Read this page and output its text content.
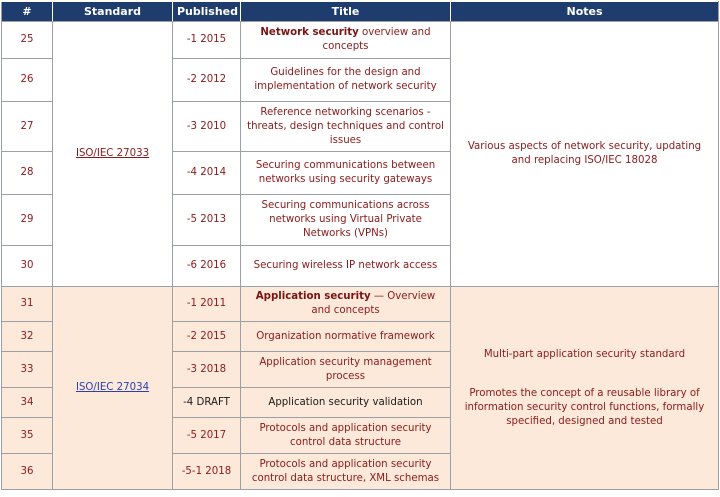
#	Standard	Published	Title	Notes
25	ISO/IEC 27033	-1 2015	Network security overview and concepts	Various aspects of network security, updating and replacing ISO/IEC 18028
26		-2 2012	Guidelines for the design and implementation of network security	
27		-3 2010	Reference networking scenarios - threats, design techniques and control issues	
28		-4 2014	Securing communications between networks using security gateways	
29		-5 2013	Securing communications across networks using Virtual Private Networks (VPNs)	
30		-6 2016	Securing wireless IP network access	
31	ISO/IEC 27034	-1 2011	Application security — Overview and concepts	Multi-part application security standard
Promotes the concept of a reusable library of information security control functions, formally specified, designed and tested
32		-2 2015	Organization normative framework	
33		-3 2018	Application security management process	
34		-4 DRAFT	Application security validation	
35		-5 2017	Protocols and application security control data structure	
36		-5-1 2018	Protocols and application security control data structure, XML schemas	
